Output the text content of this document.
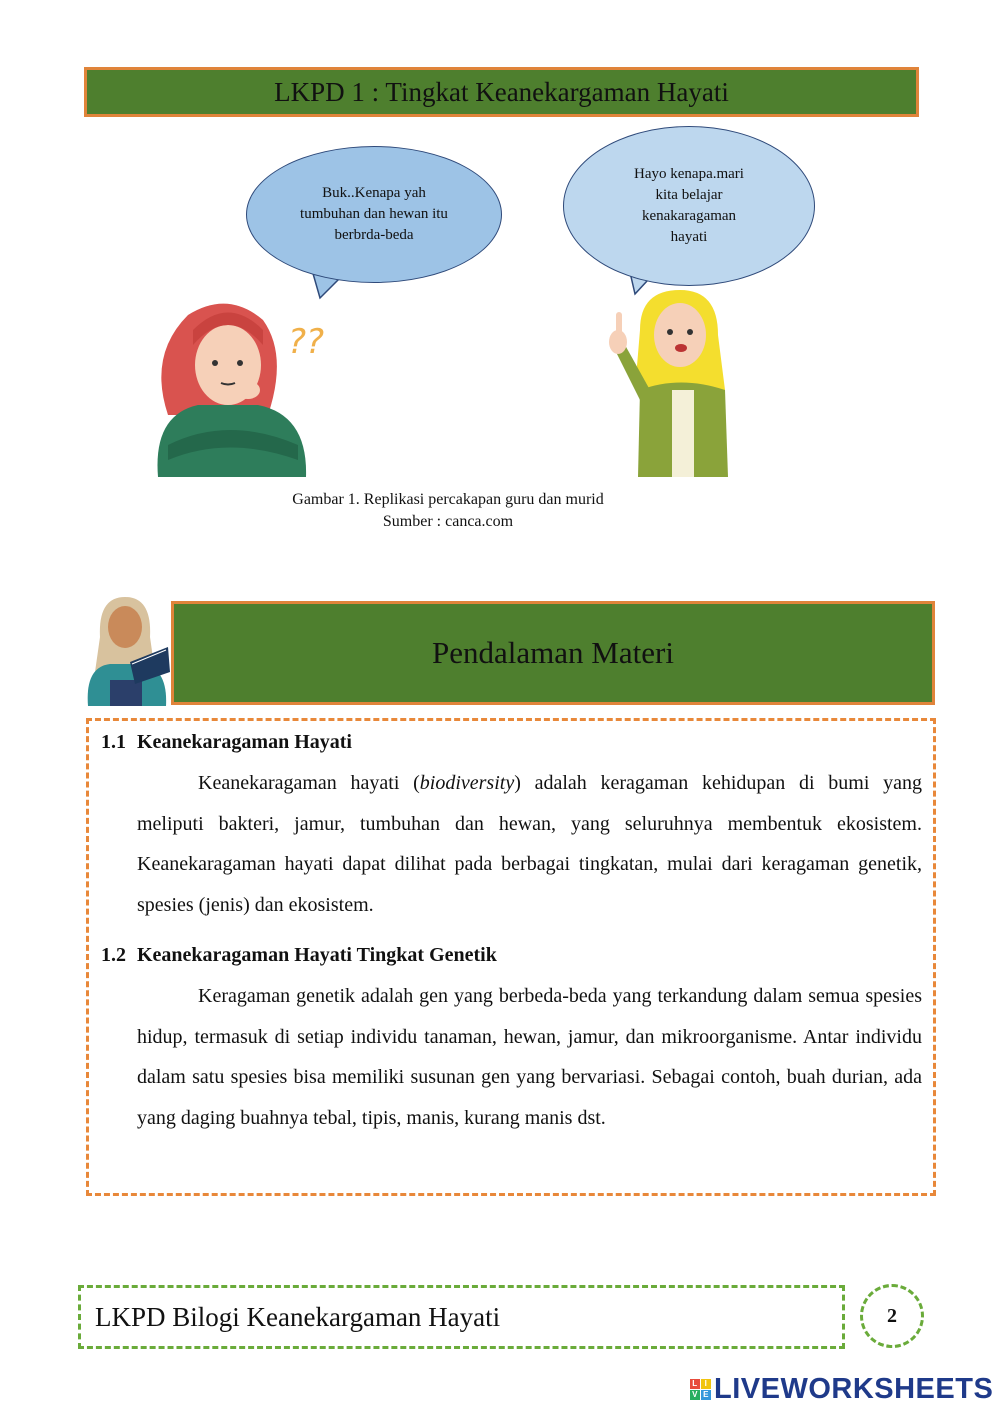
LKPD 1 : Tingkat Keanekargaman Hayati
Buk..Kenapa yah tumbuhan dan hewan itu berbrda-beda
Hayo kenapa.mari kita belajar kenakaragaman hayati
??
Gambar 1. Replikasi percakapan guru dan murid
Sumber : canca.com
Pendalaman Materi
1.1 Keanekaragaman Hayati
Keanekaragaman hayati (biodiversity) adalah keragaman kehidupan di bumi yang meliputi bakteri, jamur, tumbuhan dan hewan, yang seluruhnya membentuk ekosistem. Keanekaragaman hayati dapat dilihat pada berbagai tingkatan, mulai dari keragaman genetik, spesies (jenis) dan ekosistem.
1.2 Keanekaragaman Hayati Tingkat Genetik
Keragaman genetik adalah gen yang berbeda-beda yang terkandung dalam semua spesies hidup, termasuk di setiap individu tanaman, hewan, jamur, dan mikroorganisme. Antar individu dalam satu spesies bisa memiliki susunan gen yang bervariasi. Sebagai contoh, buah durian, ada yang daging buahnya tebal, tipis, manis, kurang manis dst.
LKPD Bilogi Keanekargaman Hayati	2
L I
V E LIVEWORKSHEETS
